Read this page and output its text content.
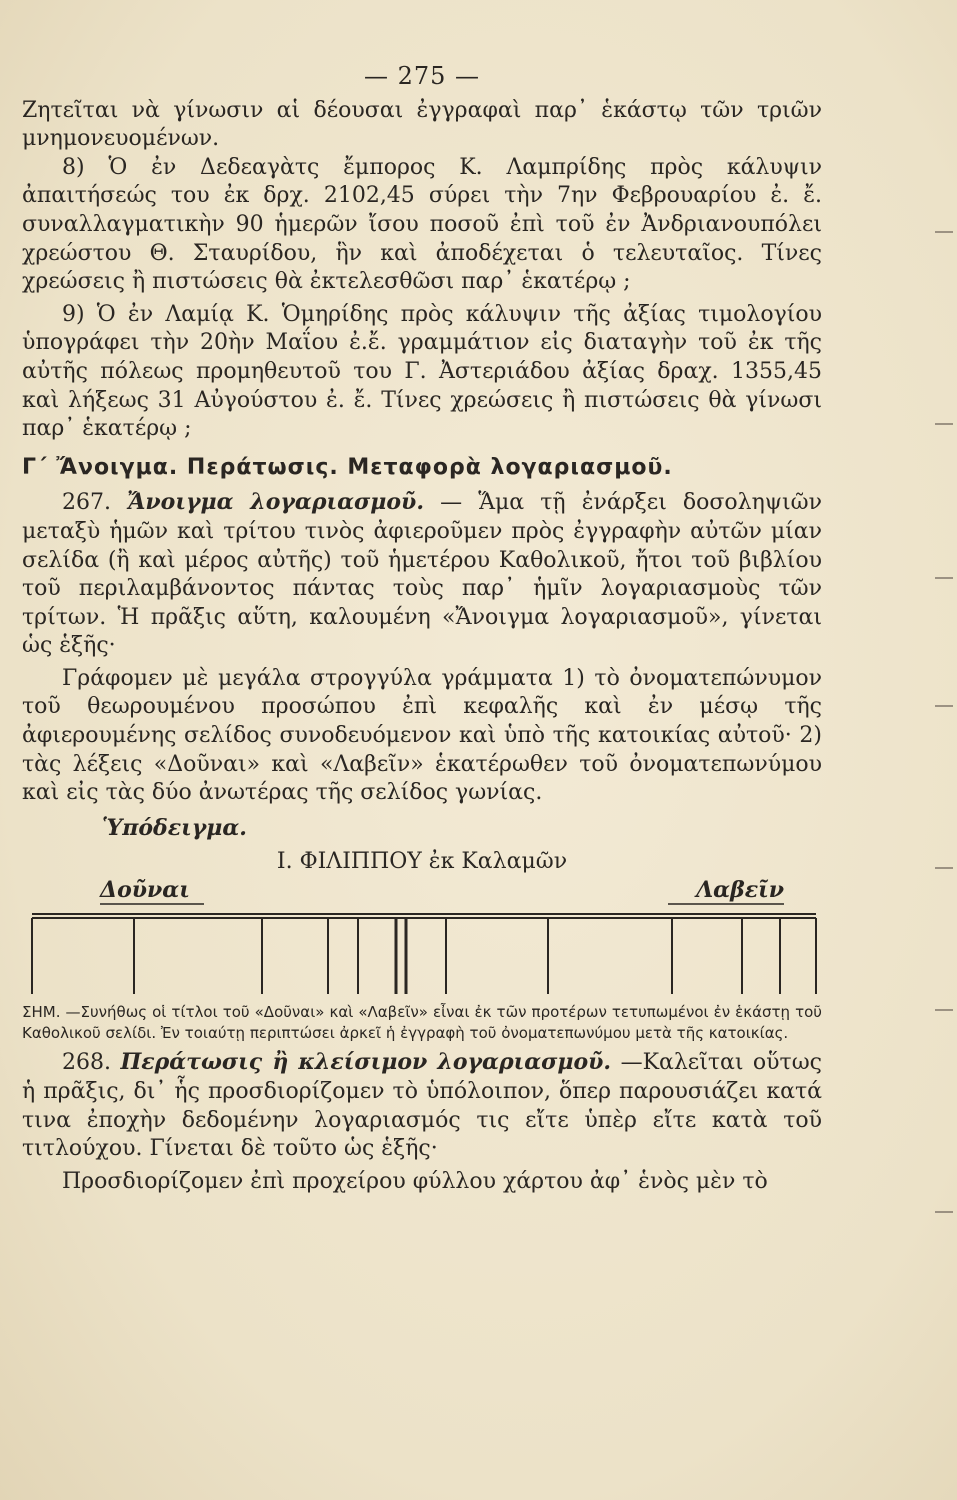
— 275 —

Ζητεῖται νὰ γίνωσιν αἱ δέουσαι ἐγγραφαὶ παρ᾿ ἑκάστῳ τῶν τριῶν μνημονευομένων.

8) Ὁ ἐν Δεδεαγὰτς ἔμπορος Κ. Λαμπρίδης πρὸς κάλυψιν ἀπαιτήσεώς του ἐκ δρχ. 2102,45 σύρει τὴν 7ην Φεβρουαρίου ἐ. ἔ. συναλλαγματικὴν 90 ἡμερῶν ἴσου ποσοῦ ἐπὶ τοῦ ἐν Ἀνδριανουπόλει χρεώστου Θ. Σταυρίδου, ἣν καὶ ἀποδέχεται ὁ τελευταῖος. Τίνες χρεώσεις ἢ πιστώσεις θὰ ἐκτελεσθῶσι παρ᾿ ἑκατέρῳ ;

9) Ὁ ἐν Λαμίᾳ Κ. Ὁμηρίδης πρὸς κάλυψιν τῆς ἀξίας τιμολογίου ὑπογράφει τὴν 20ὴν Μαΐου ἐ.ἔ. γραμμάτιον εἰς διαταγὴν τοῦ ἐκ τῆς αὐτῆς πόλεως προμηθευτοῦ του Γ. Ἀστεριάδου ἀξίας δραχ. 1355,45 καὶ λήξεως 31 Αὐγούστου ἐ. ἔ. Τίνες χρεώσεις ἢ πιστώσεις θὰ γίνωσι παρ᾿ ἑκατέρῳ ;

Γ΄ Ἄνοιγμα. Περάτωσις. Μεταφορὰ λογαριασμοῦ.

267. Ἄνοιγμα λογαριασμοῦ. — Ἅμα τῇ ἐνάρξει δοσοληψιῶν μεταξὺ ἡμῶν καὶ τρίτου τινὸς ἀφιεροῦμεν πρὸς ἐγγραφὴν αὐτῶν μίαν σελίδα (ἢ καὶ μέρος αὐτῆς) τοῦ ἡμετέρου Καθολικοῦ, ἤτοι τοῦ βιβλίου τοῦ περιλαμβάνοντος πάντας τοὺς παρ᾿ ἡμῖν λογαριασμοὺς τῶν τρίτων. Ἡ πρᾶξις αὕτη, καλουμένη «Ἄνοιγμα λογαριασμοῦ», γίνεται ὡς ἑξῆς·

Γράφομεν μὲ μεγάλα στρογγύλα γράμματα 1) τὸ ὀνοματεπώνυμον τοῦ θεωρουμένου προσώπου ἐπὶ κεφαλῆς καὶ ἐν μέσῳ τῆς ἀφιερουμένης σελίδος συνοδευόμενον καὶ ὑπὸ τῆς κατοικίας αὐτοῦ· 2) τὰς λέξεις «Δοῦναι» καὶ «Λαβεῖν» ἑκατέρωθεν τοῦ ὀνοματεπωνύμου καὶ εἰς τὰς δύο ἀνωτέρας τῆς σελίδος γωνίας.

Ὑπόδειγμα.
Ι. ΦΙΛΙΠΠΟΥ ἐκ Καλαμῶν
Δοῦναι	Λαβεῖν
ΣΗΜ. —Συνήθως οἱ τίτλοι τοῦ «Δοῦναι» καὶ «Λαβεῖν» εἶναι ἐκ τῶν προτέρων τετυπωμένοι ἐν ἑκάστῃ τοῦ Καθολικοῦ σελίδι. Ἐν τοιαύτῃ περιπτώσει ἀρκεῖ ἡ ἐγγραφὴ τοῦ ὀνοματεπωνύμου μετὰ τῆς κατοικίας.

268. Περάτωσις ἢ κλείσιμον λογαριασμοῦ. —Καλεῖται οὕτως ἡ πρᾶξις, δι᾿ ἧς προσδιορίζομεν τὸ ὑπόλοιπον, ὅπερ παρουσιάζει κατά τινα ἐποχὴν δεδομένην λογαριασμός τις εἴτε ὑπὲρ εἴτε κατὰ τοῦ τιτλούχου. Γίνεται δὲ τοῦτο ὡς ἑξῆς·

Προσδιορίζομεν ἐπὶ προχείρου φύλλου χάρτου ἀφ᾿ ἑνὸς μὲν τὸ
